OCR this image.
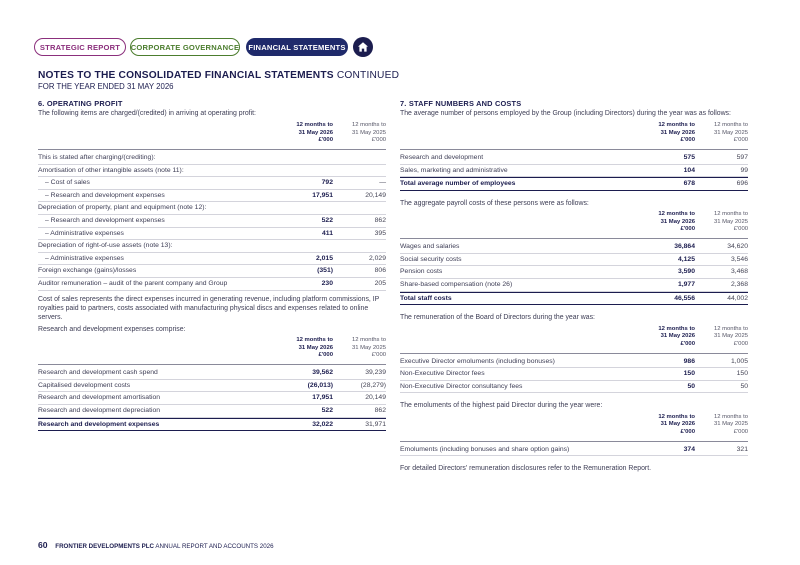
STRATEGIC REPORT	CORPORATE GOVERNANCE	FINANCIAL STATEMENTS
NOTES TO THE CONSOLIDATED FINANCIAL STATEMENTS CONTINUED
FOR THE YEAR ENDED 31 MAY 2026
6. OPERATING PROFIT
The following items are charged/(credited) in arriving at operating profit:
12 months to
31 May 2026
£'000
12 months to
31 May 2025
£'000
This is stated after charging/(crediting):
Amortisation of other intangible assets (note 11):
– Cost of sales	792	—
– Research and development expenses	17,951	20,149
Depreciation of property, plant and equipment (note 12):
– Research and development expenses	522	862
– Administrative expenses	411	395
Depreciation of right-of-use assets (note 13):
– Administrative expenses	2,015	2,029
Foreign exchange (gains)/losses	(351)	806
Auditor remuneration – audit of the parent company and Group	230	205
Cost of sales represents the direct expenses incurred in generating revenue, including platform commissions, IP royalties paid to partners, costs associated with manufacturing physical discs and expenses related to online servers.
Research and development expenses comprise:
12 months to
31 May 2026
£'000
12 months to
31 May 2025
£'000
Research and development cash spend	39,562	39,239
Capitalised development costs	(26,013)	(28,279)
Research and development amortisation	17,951	20,149
Research and development depreciation	522	862
Research and development expenses	32,022	31,971
7. STAFF NUMBERS AND COSTS
The average number of persons employed by the Group (including Directors) during the year was as follows:
12 months to
31 May 2026
£'000
12 months to
31 May 2025
£'000
Research and development	575	597
Sales, marketing and administrative	104	99
Total average number of employees	678	696
The aggregate payroll costs of these persons were as follows:
12 months to
31 May 2026
£'000
12 months to
31 May 2025
£'000
Wages and salaries	36,864	34,620
Social security costs	4,125	3,546
Pension costs	3,590	3,468
Share-based compensation (note 26)	1,977	2,368
Total staff costs	46,556	44,002
The remuneration of the Board of Directors during the year was:
12 months to
31 May 2026
£'000
12 months to
31 May 2025
£'000
Executive Director emoluments (including bonuses)	986	1,005
Non-Executive Director fees	150	150
Non-Executive Director consultancy fees	50	50
The emoluments of the highest paid Director during the year were:
12 months to
31 May 2026
£'000
12 months to
31 May 2025
£'000
Emoluments (including bonuses and share option gains)	374	321
For detailed Directors' remuneration disclosures refer to the Remuneration Report.
60 FRONTIER DEVELOPMENTS PLC ANNUAL REPORT AND ACCOUNTS 2026
